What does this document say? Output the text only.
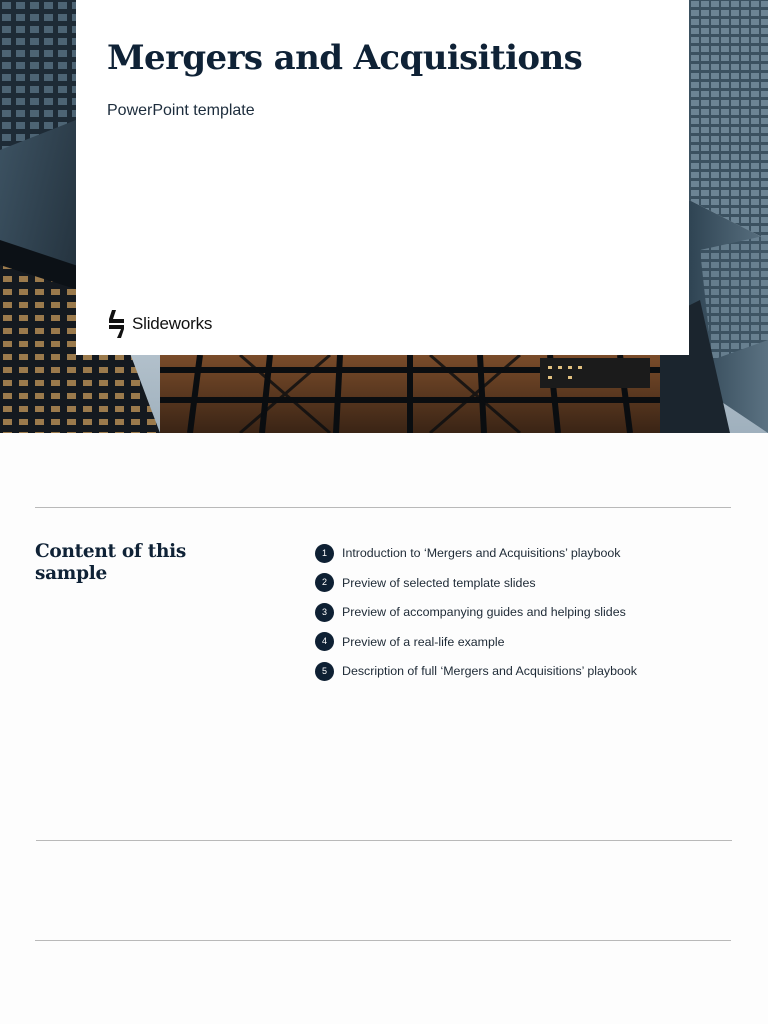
Mergers and Acquisitions
PowerPoint template
Slideworks
Content of this sample
1	Introduction to ‘Mergers and Acquisitions’ playbook
2	Preview of selected template slides
3	Preview of accompanying guides and helping slides
4	Preview of a real-life example
5	Description of full ‘Mergers and Acquisitions’ playbook
